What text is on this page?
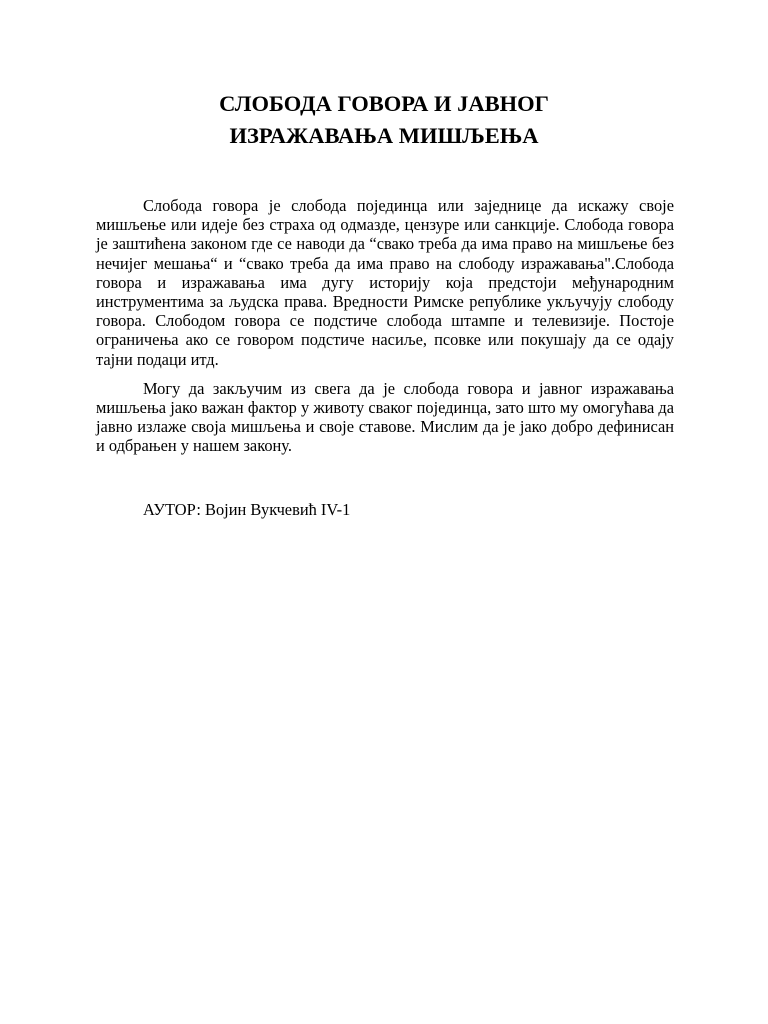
СЛОБОДА ГОВОРА И ЈАВНОГ
ИЗРАЖАВАЊА МИШЉЕЊА

Слобода говора је слобода појединца или заједнице да искажу своје мишљење или идеје без страха од одмазде, цензуре или санкције. Слобода говора је заштићена законом где се наводи да “свако треба да има право на мишљење без нечијег мешања“ и “свако треба да има право на слободу изражавања".Слобода говора и изражавања има дугу историју која предстоји међународним инструментима за људска права. Вредности Римске републике укључују слободу говора. Слободом говора се подстиче слобода штампе и телевизије. Постоје ограничења ако се говором подстиче насиље, псовке или покушају да се одају тајни подаци итд.

Могу да закључим из свега да је слобода говора и јавног изражавања мишљења јако важан фактор у животу сваког појединца, зато што му омогућава да јавно излаже своја мишљења и своје ставове. Мислим да је јако добро дефинисан и одбрањен у нашем закону.

АУТОР: Војин Вукчевић IV-1
